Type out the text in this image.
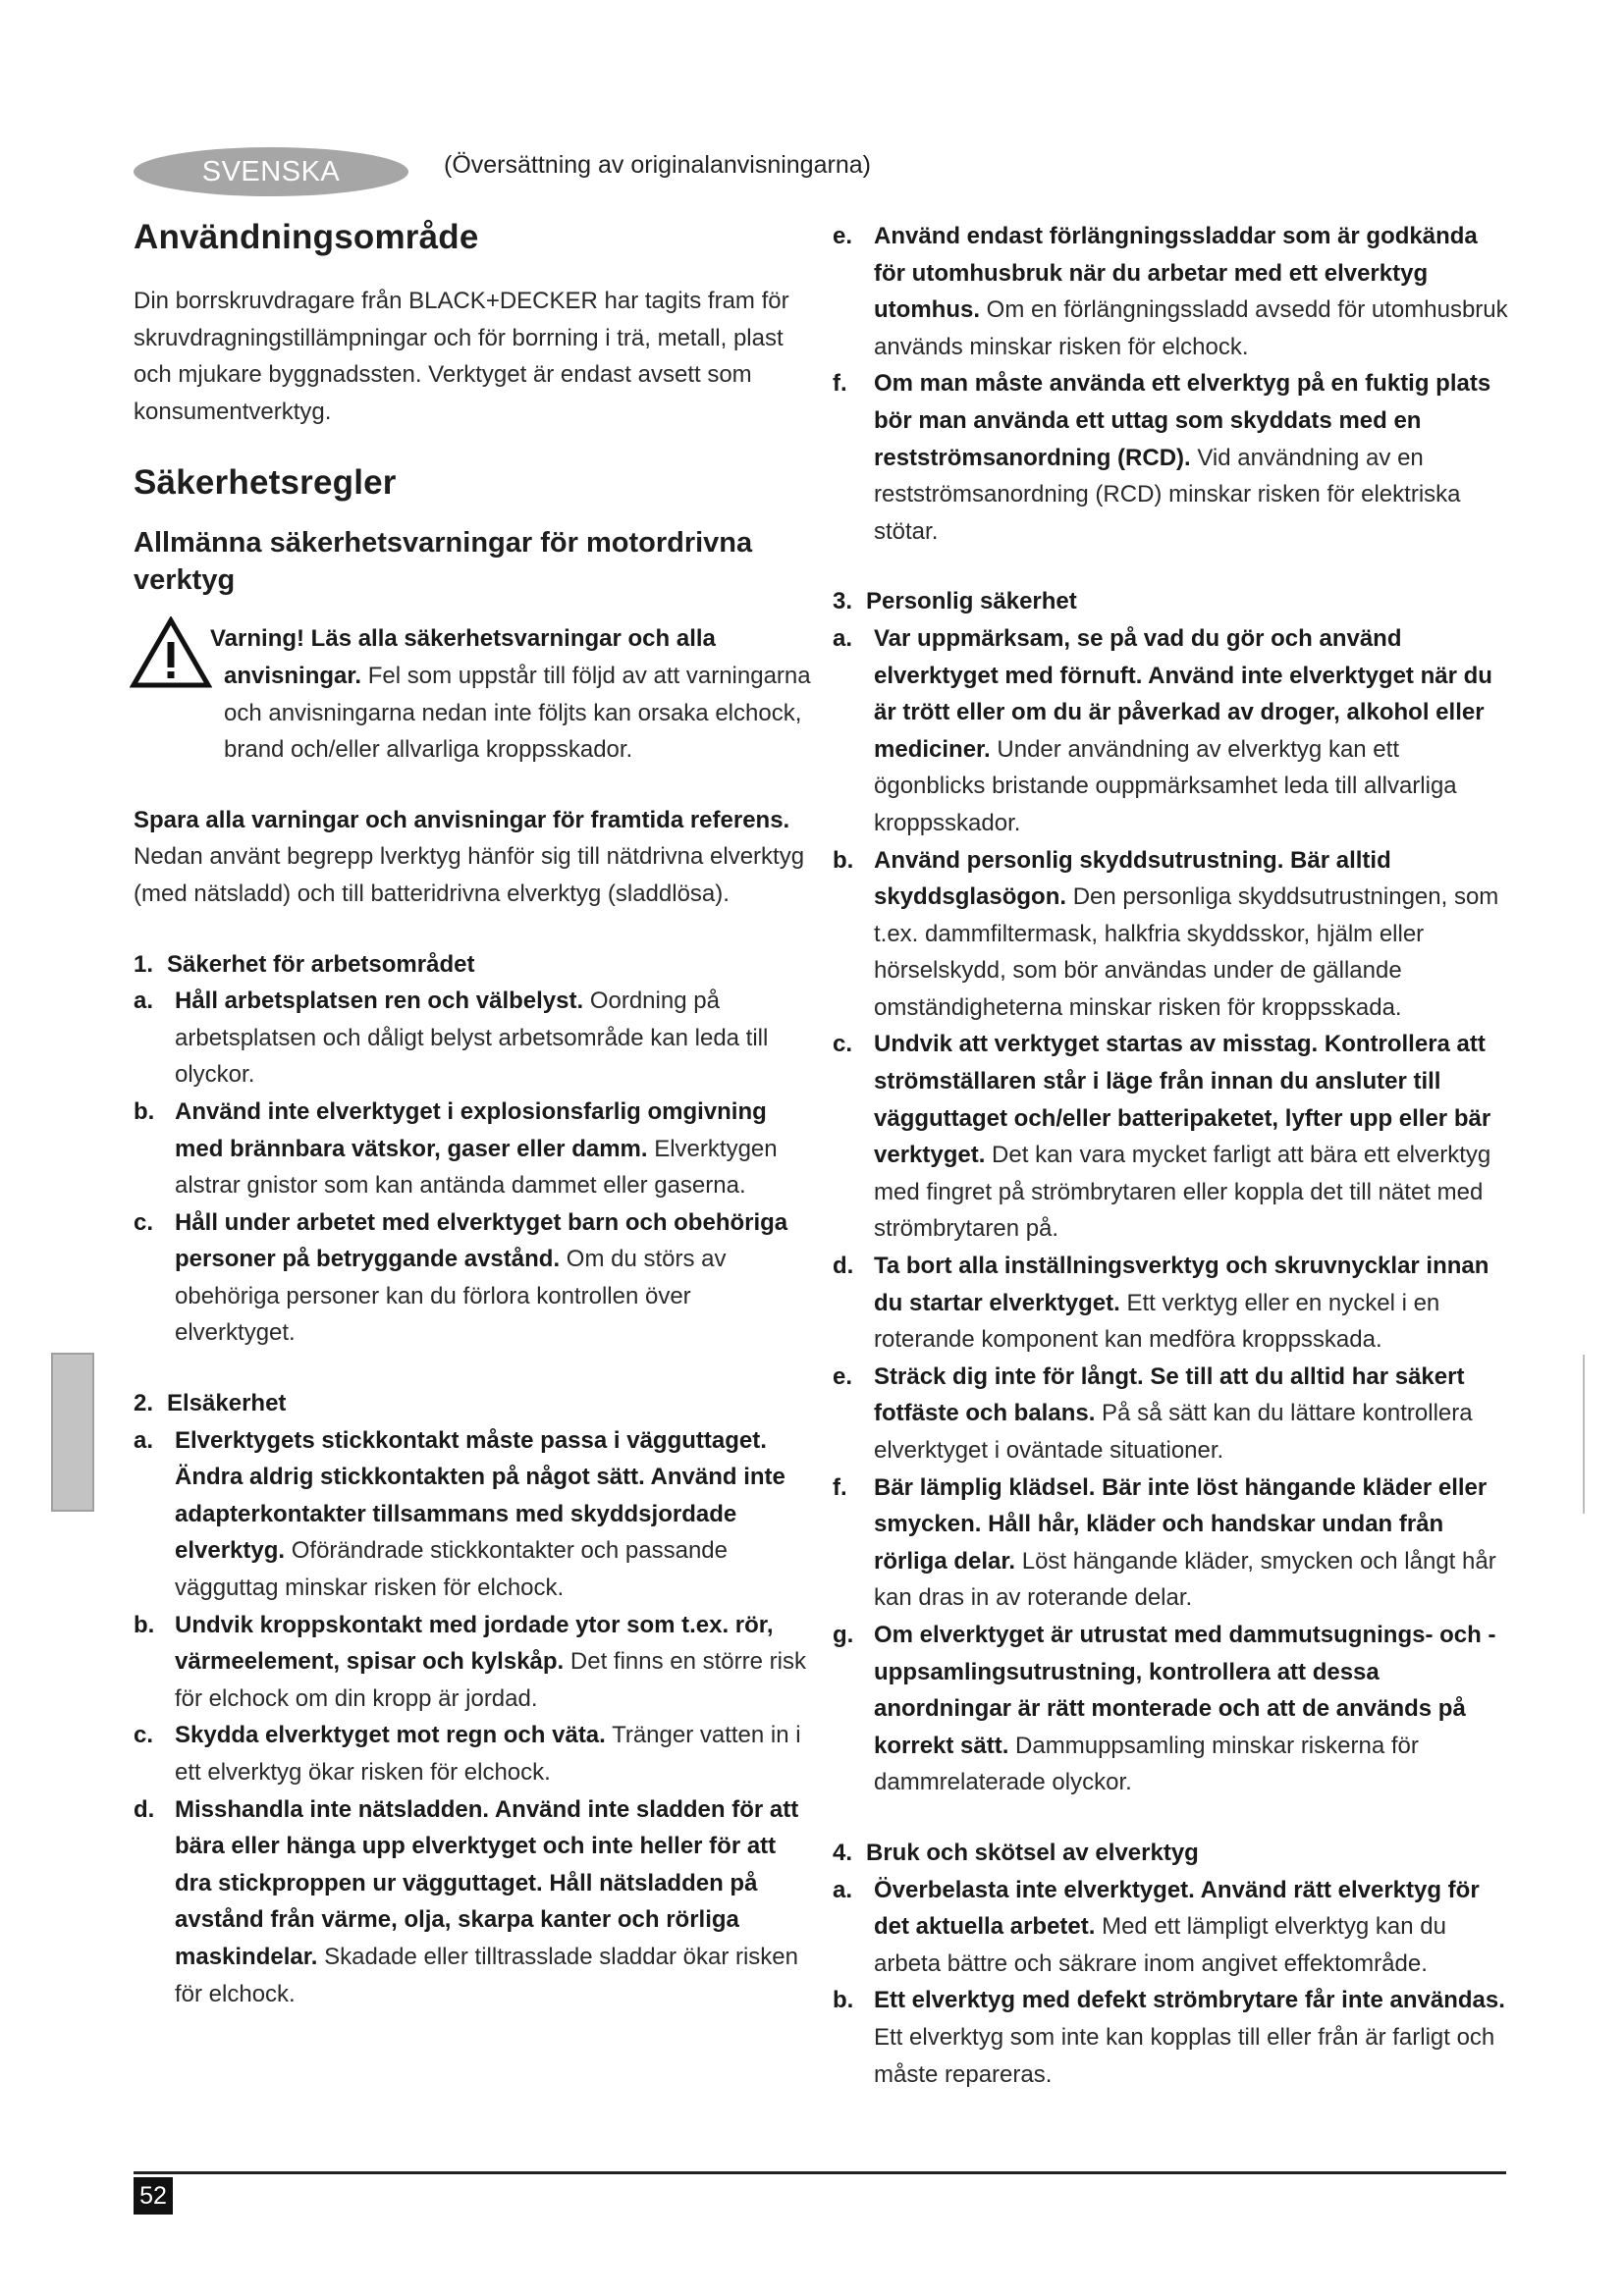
SVENSKA	(Översättning av originalanvisningarna)
Användningsområde

Din borrskruvdragare från BLACK+DECKER har tagits fram för skruvdragningstillämpningar och för borrning i trä, metall, plast och mjukare byggnadssten. Verktyget är endast avsett som konsumentverktyg.

Säkerhetsregler
Allmänna säkerhetsvarningar för motordrivna verktyg
Varning! Läs alla säkerhetsvarningar och alla anvisningar. Fel som uppstår till följd av att varningarna och anvisningarna nedan inte följts kan orsaka elchock, brand och/eller allvarliga kroppsskador.

Spara alla varningar och anvisningar för framtida referens. Nedan använt begrepp lverktyg hänför sig till nätdrivna elverktyg (med nätsladd) och till batteridrivna elverktyg (sladdlösa).

1. Säkerhet för arbetsområdet
a. Håll arbetsplatsen ren och välbelyst. Oordning på arbetsplatsen och dåligt belyst arbetsområde kan leda till olyckor.
b. Använd inte elverktyget i explosionsfarlig omgivning med brännbara vätskor, gaser eller damm. Elverktygen alstrar gnistor som kan antända dammet eller gaserna.
c. Håll under arbetet med elverktyget barn och obehöriga personer på betryggande avstånd. Om du störs av obehöriga personer kan du förlora kontrollen över elverktyget.
2. Elsäkerhet
a. Elverktygets stickkontakt måste passa i vägguttaget. Ändra aldrig stickkontakten på något sätt. Använd inte adapterkontakter tillsammans med skyddsjordade elverktyg. Oförändrade stickkontakter och passande vägguttag minskar risken för elchock.
b. Undvik kroppskontakt med jordade ytor som t.ex. rör, värmeelement, spisar och kylskåp. Det finns en större risk för elchock om din kropp är jordad.
c. Skydda elverktyget mot regn och väta. Tränger vatten in i ett elverktyg ökar risken för elchock.
d. Misshandla inte nätsladden. Använd inte sladden för att bära eller hänga upp elverktyget och inte heller för att dra stickproppen ur vägguttaget. Håll nätsladden på avstånd från värme, olja, skarpa kanter och rörliga maskindelar. Skadade eller tilltrasslade sladdar ökar risken för elchock.
e. Använd endast förlängningssladdar som är godkända för utomhusbruk när du arbetar med ett elverktyg utomhus. Om en förlängningssladd avsedd för utomhusbruk används minskar risken för elchock.
f. Om man måste använda ett elverktyg på en fuktig plats bör man använda ett uttag som skyddats med en restströmsanordning (RCD). Vid användning av en restströmsanordning (RCD) minskar risken för elektriska stötar.
3. Personlig säkerhet
a. Var uppmärksam, se på vad du gör och använd elverktyget med förnuft. Använd inte elverktyget när du är trött eller om du är påverkad av droger, alkohol eller mediciner. Under användning av elverktyg kan ett ögonblicks bristande ouppmärksamhet leda till allvarliga kroppsskador.
b. Använd personlig skyddsutrustning. Bär alltid skyddsglasögon. Den personliga skyddsutrustningen, som t.ex. dammfiltermask, halkfria skyddsskor, hjälm eller hörselskydd, som bör användas under de gällande omständigheterna minskar risken för kroppsskada.
c. Undvik att verktyget startas av misstag. Kontrollera att strömställaren står i läge från innan du ansluter till vägguttaget och/eller batteripaketet, lyfter upp eller bär verktyget. Det kan vara mycket farligt att bära ett elverktyg med fingret på strömbrytaren eller koppla det till nätet med strömbrytaren på.
d. Ta bort alla inställningsverktyg och skruvnycklar innan du startar elverktyget. Ett verktyg eller en nyckel i en roterande komponent kan medföra kroppsskada.
e. Sträck dig inte för långt. Se till att du alltid har säkert fotfäste och balans. På så sätt kan du lättare kontrollera elverktyget i oväntade situationer.
f. Bär lämplig klädsel. Bär inte löst hängande kläder eller smycken. Håll hår, kläder och handskar undan från rörliga delar. Löst hängande kläder, smycken och långt hår kan dras in av roterande delar.
g. Om elverktyget är utrustat med dammutsugnings- och -uppsamlingsutrustning, kontrollera att dessa anordningar är rätt monterade och att de används på korrekt sätt. Dammuppsamling minskar riskerna för dammrelaterade olyckor.
4. Bruk och skötsel av elverktyg
a. Överbelasta inte elverktyget. Använd rätt elverktyg för det aktuella arbetet. Med ett lämpligt elverktyg kan du arbeta bättre och säkrare inom angivet effektområde.
b. Ett elverktyg med defekt strömbrytare får inte användas. Ett elverktyg som inte kan kopplas till eller från är farligt och måste repareras.
52
